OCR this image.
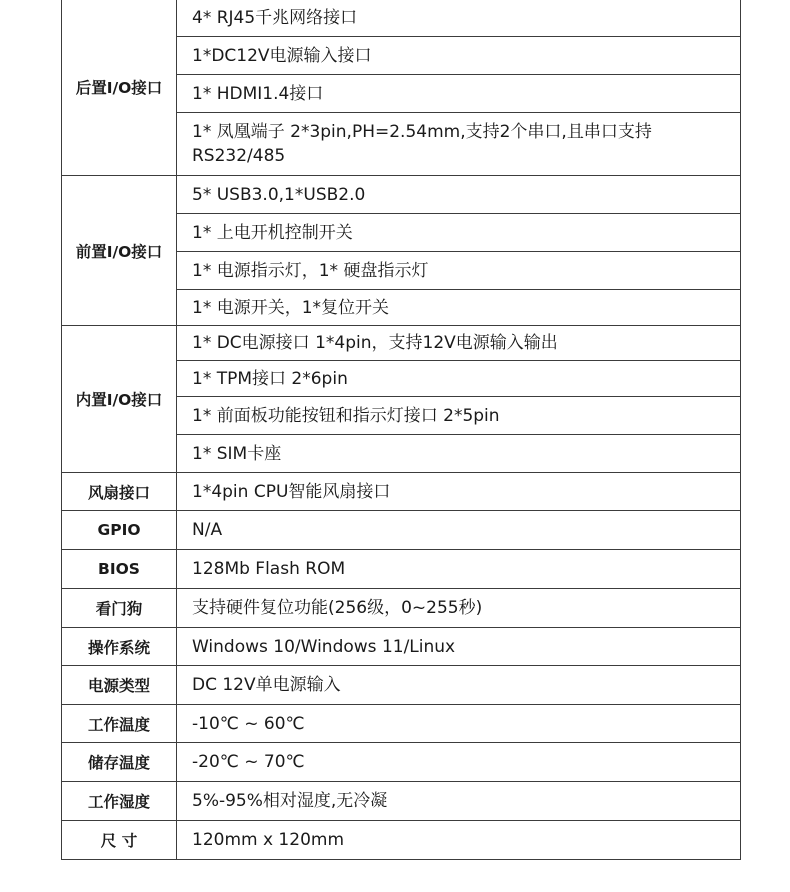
后置I/O接口	4* RJ45千兆网络接口

	1*DC12V电源输入接口

	1* HDMI1.4接口

	1* 凤凰端子 2*3pin,PH=2.54mm,支持2个串口,且串口支持RS232/485

前置I/O接口	5* USB3.0,1*USB2.0

	1* 上电开机控制开关

	1* 电源指示灯，1* 硬盘指示灯

	1* 电源开关，1*复位开关

内置I/O接口	1* DC电源接口 1*4pin，支持12V电源输入输出

	1* TPM接口 2*6pin

	1* 前面板功能按钮和指示灯接口 2*5pin

	1* SIM卡座

风扇接口	1*4pin CPU智能风扇接口
GPIO	N/A
BIOS	128Mb Flash ROM
看门狗	支持硬件复位功能(256级，0~255秒)
操作系统	Windows 10/Windows 11/Linux
电源类型	DC 12V单电源输入
工作温度	-10℃ ~ 60℃
储存温度	-20℃ ~ 70℃
工作湿度	5%-95%相对湿度,无冷凝
尺 寸	120mm x 120mm
